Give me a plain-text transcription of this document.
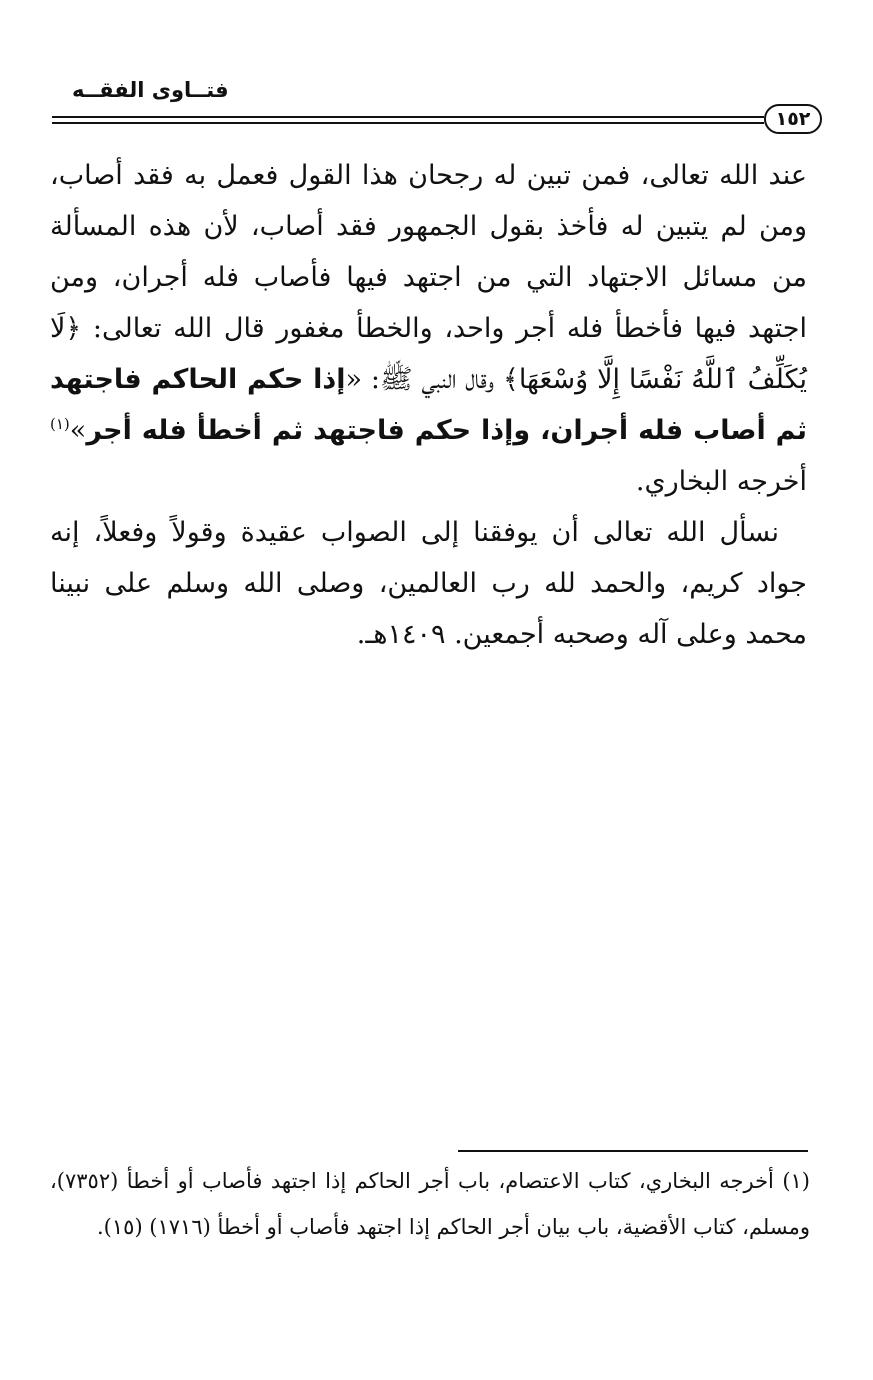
فتــاوى الفقــه
١٥٢

عند الله تعالى، فمن تبين له رجحان هذا القول فعمل به فقد أصاب، ومن لم يتبين له فأخذ بقول الجمهور فقد أصاب، لأن هذه المسألة من مسائل الاجتهاد التي من اجتهد فيها فأصاب فله أجران، ومن اجتهد فيها فأخطأ فله أجر واحد، والخطأ مغفور قال الله تعالى: ﴿لَا يُكَلِّفُ ٱللَّهُ نَفْسًا إِلَّا وُسْعَهَا﴾ وقال النبي ﷺ: «إذا حكم الحاكم فاجتهد ثم أصاب فله أجران، وإذا حكم فاجتهد ثم أخطأ فله أجر»$^{(١)}$ أخرجه البخاري.

نسأل الله تعالى أن يوفقنا إلى الصواب عقيدة وقولاً وفعلاً، إنه جواد كريم، والحمد لله رب العالمين، وصلى الله وسلم على نبينا محمد وعلى آله وصحبه أجمعين. ١٤٠٩هـ.

(١) أخرجه البخاري، كتاب الاعتصام، باب أجر الحاكم إذا اجتهد فأصاب أو أخطأ (٧٣٥٢)، ومسلم، كتاب الأقضية، باب بيان أجر الحاكم إذا اجتهد فأصاب أو أخطأ (١٧١٦) (١٥).
